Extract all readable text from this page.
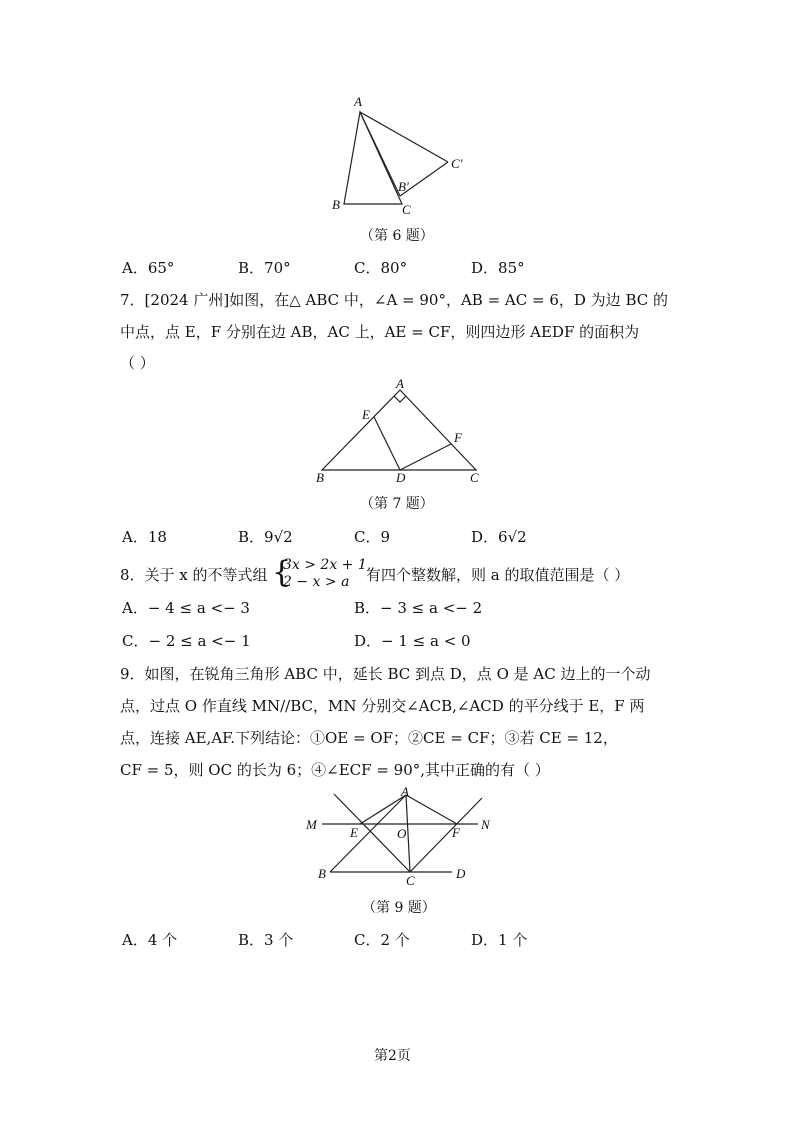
A
B	C
B′
C′
（第 6 题）
A．65°	B．70°	C．80°	D．85°
7．[2024 广州]如图，在△ ABC 中，∠A = 90°，AB = AC = 6，D 为边 BC 的
中点，点 E，F 分别在边 AB，AC 上，AE = CF，则四边形 AEDF 的面积为
（ ）
A
B	C
D
E
F
（第 7 题）
A．18	B．9√2	C．9	D．6√2
8．关于 x 的不等式组 {
3x > 2x + 1,
2 − x > a 有四个整数解，则 a 的取值范围是（ ）
A．− 4 ≤ a <− 3	B．− 3 ≤ a <− 2
C．− 2 ≤ a <− 1	D．− 1 ≤ a < 0
9．如图，在锐角三角形 ABC 中，延长 BC 到点 D，点 O 是 AC 边上的一个动
点，过点 O 作直线 MN//BC，MN 分别交∠ACB,∠ACD 的平分线于 E，F 两
点，连接 AE,AF.下列结论：①OE = OF；②CE = CF；③若 CE = 12，
CF = 5，则 OC 的长为 6；④∠ECF = 90°,其中正确的有（ ）
A
B	C	D
E	F
M	N
O
（第 9 题）
A．4 个	B．3 个	C．2 个	D．1 个
第2页
